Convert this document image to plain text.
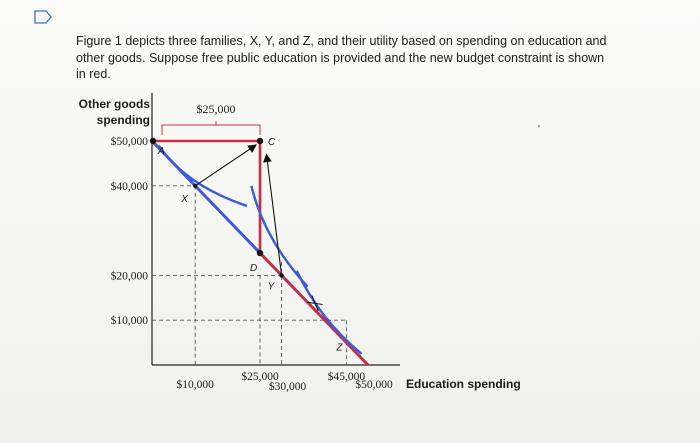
Figure 1 depicts three families, X, Y, and Z, and their utility based on spending on education and other goods. Suppose free public education is provided and the new budget constraint is shown in red.
'
Other goods
spending
Education spending
$50,000
$40,000
$20,000
$10,000
$10,000
$25,000
$30,000
$45,000
$50,000
$25,000
A
C
D
X
Y
Z
